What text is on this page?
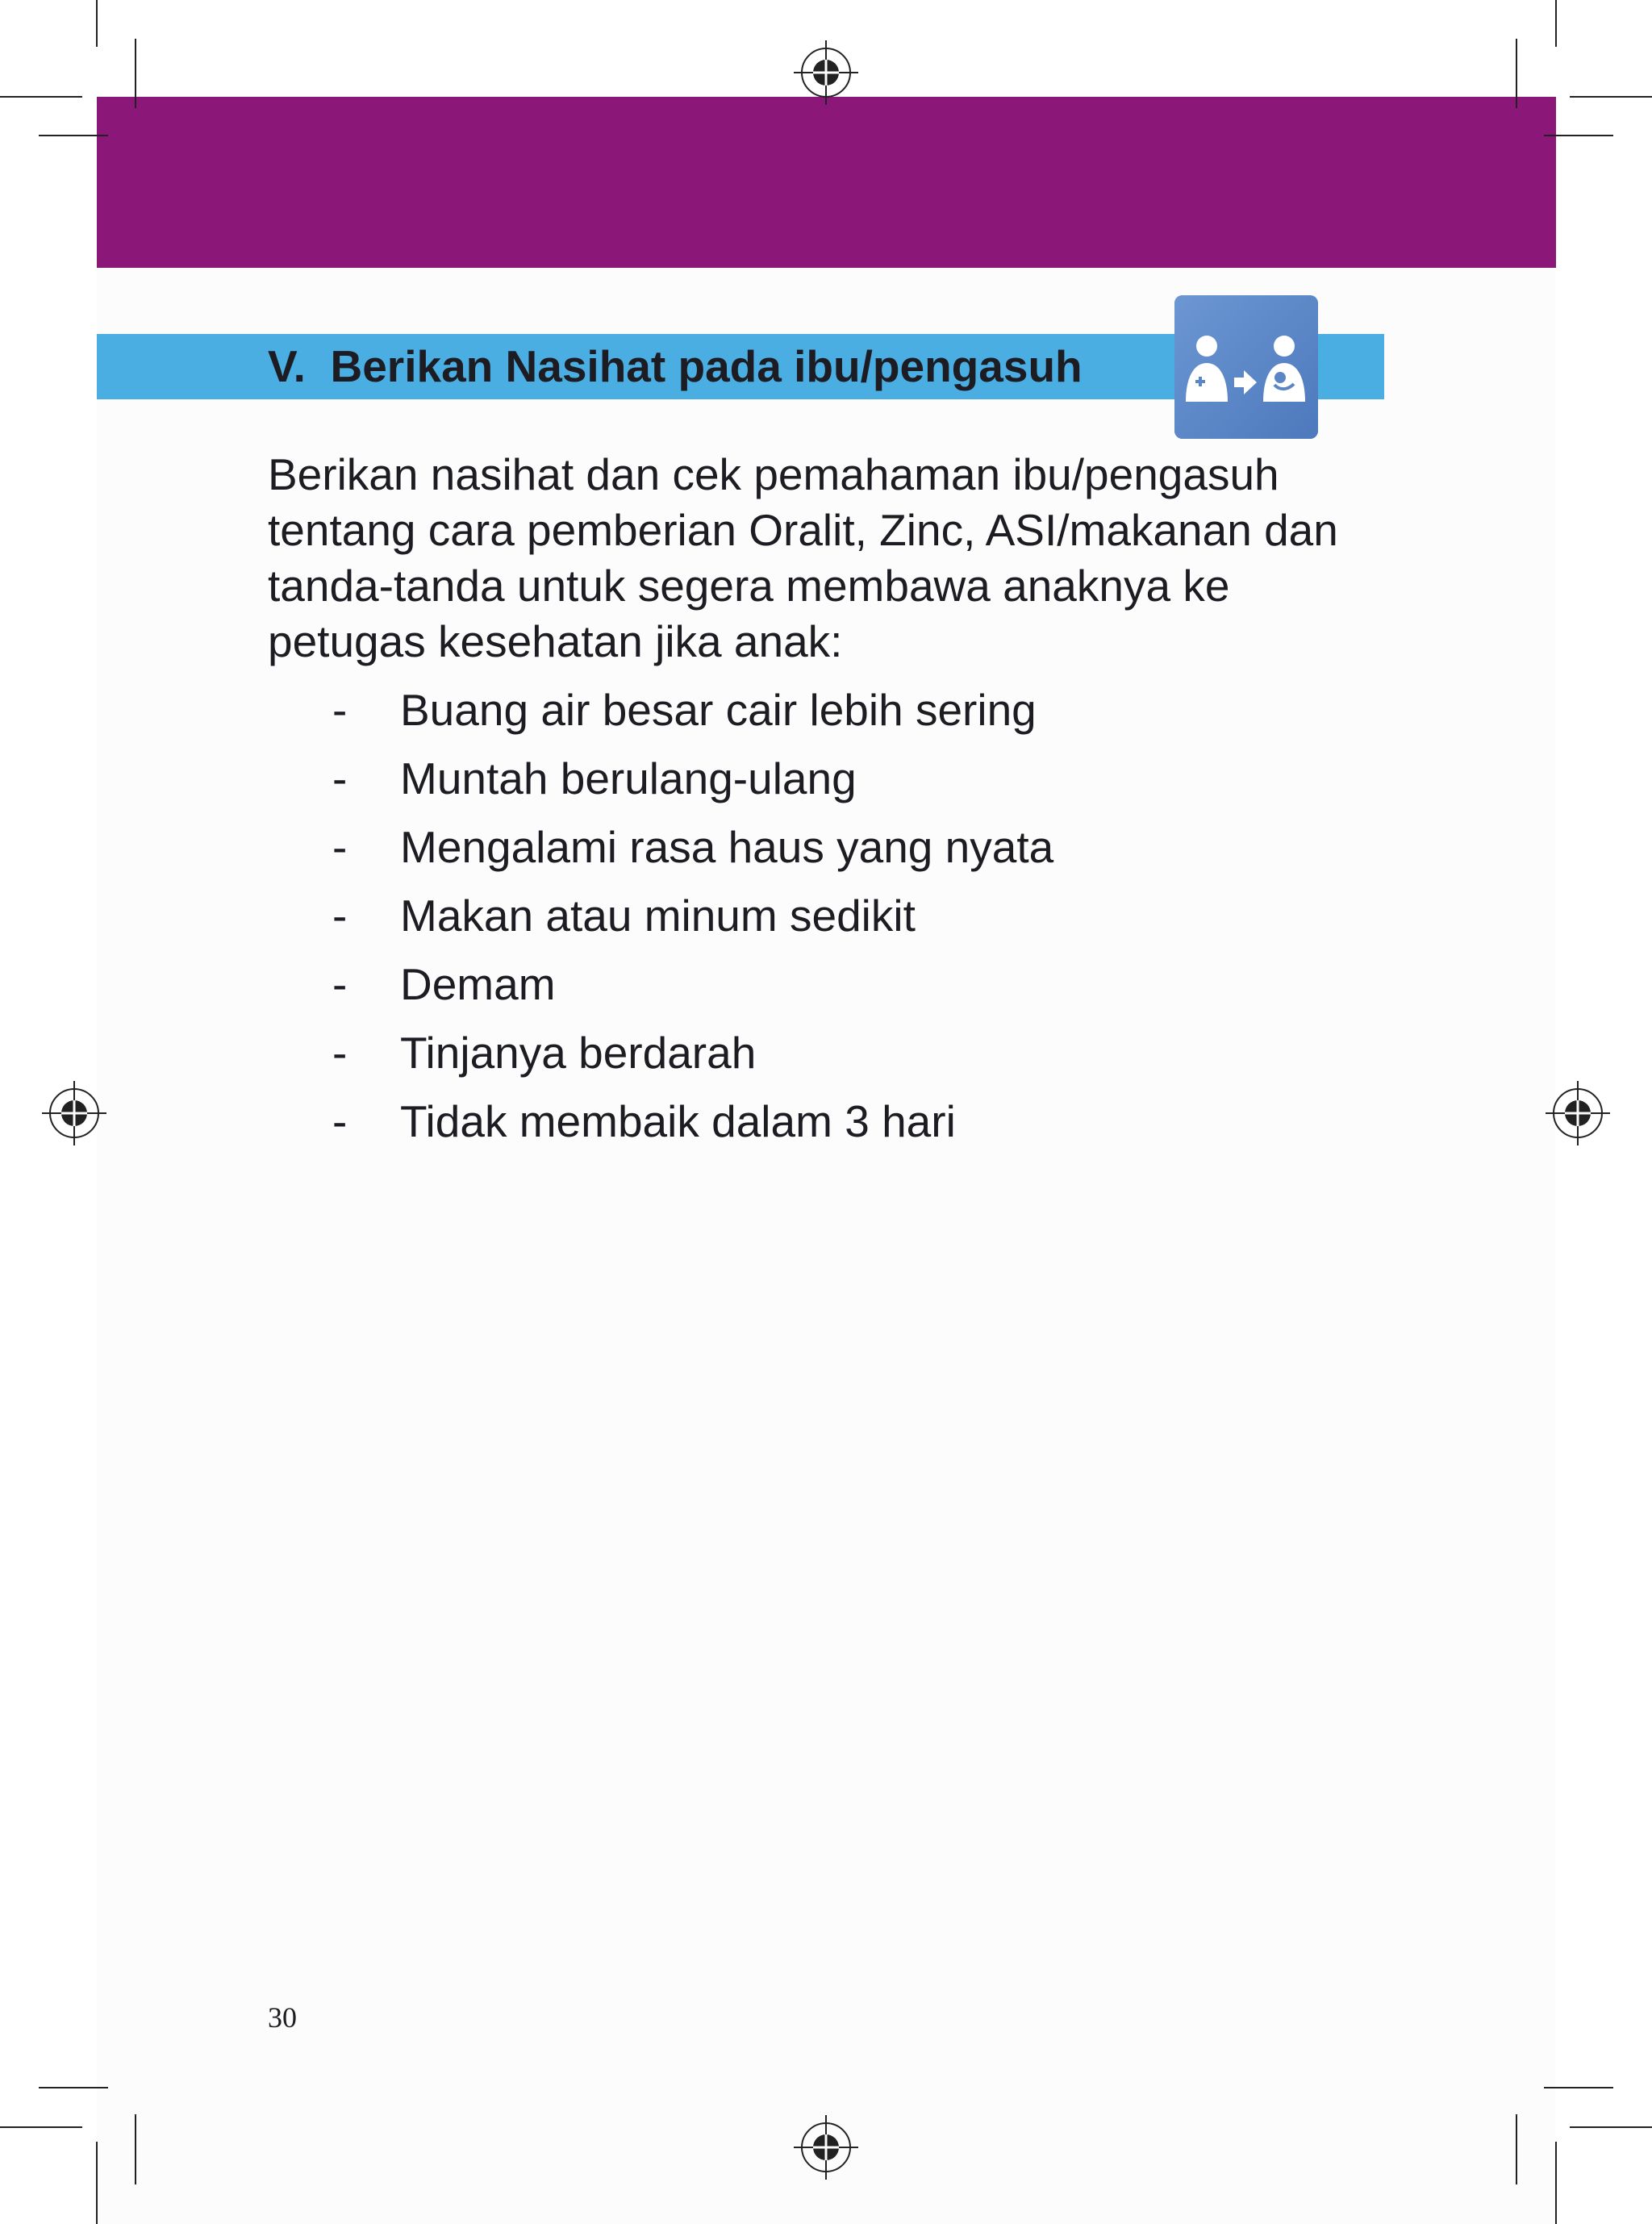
V. Berikan Nasihat pada ibu/pengasuh

Berikan nasihat dan cek pemahaman ibu/pengasuh tentang cara pemberian Oralit, Zinc, ASI/makanan dan tanda-tanda untuk segera membawa anaknya ke petugas kesehatan jika anak:

- Buang air besar cair lebih sering
- Muntah berulang-ulang
- Mengalami rasa haus yang nyata
- Makan atau minum sedikit
- Demam
- Tinjanya berdarah
- Tidak membaik dalam 3 hari
30
